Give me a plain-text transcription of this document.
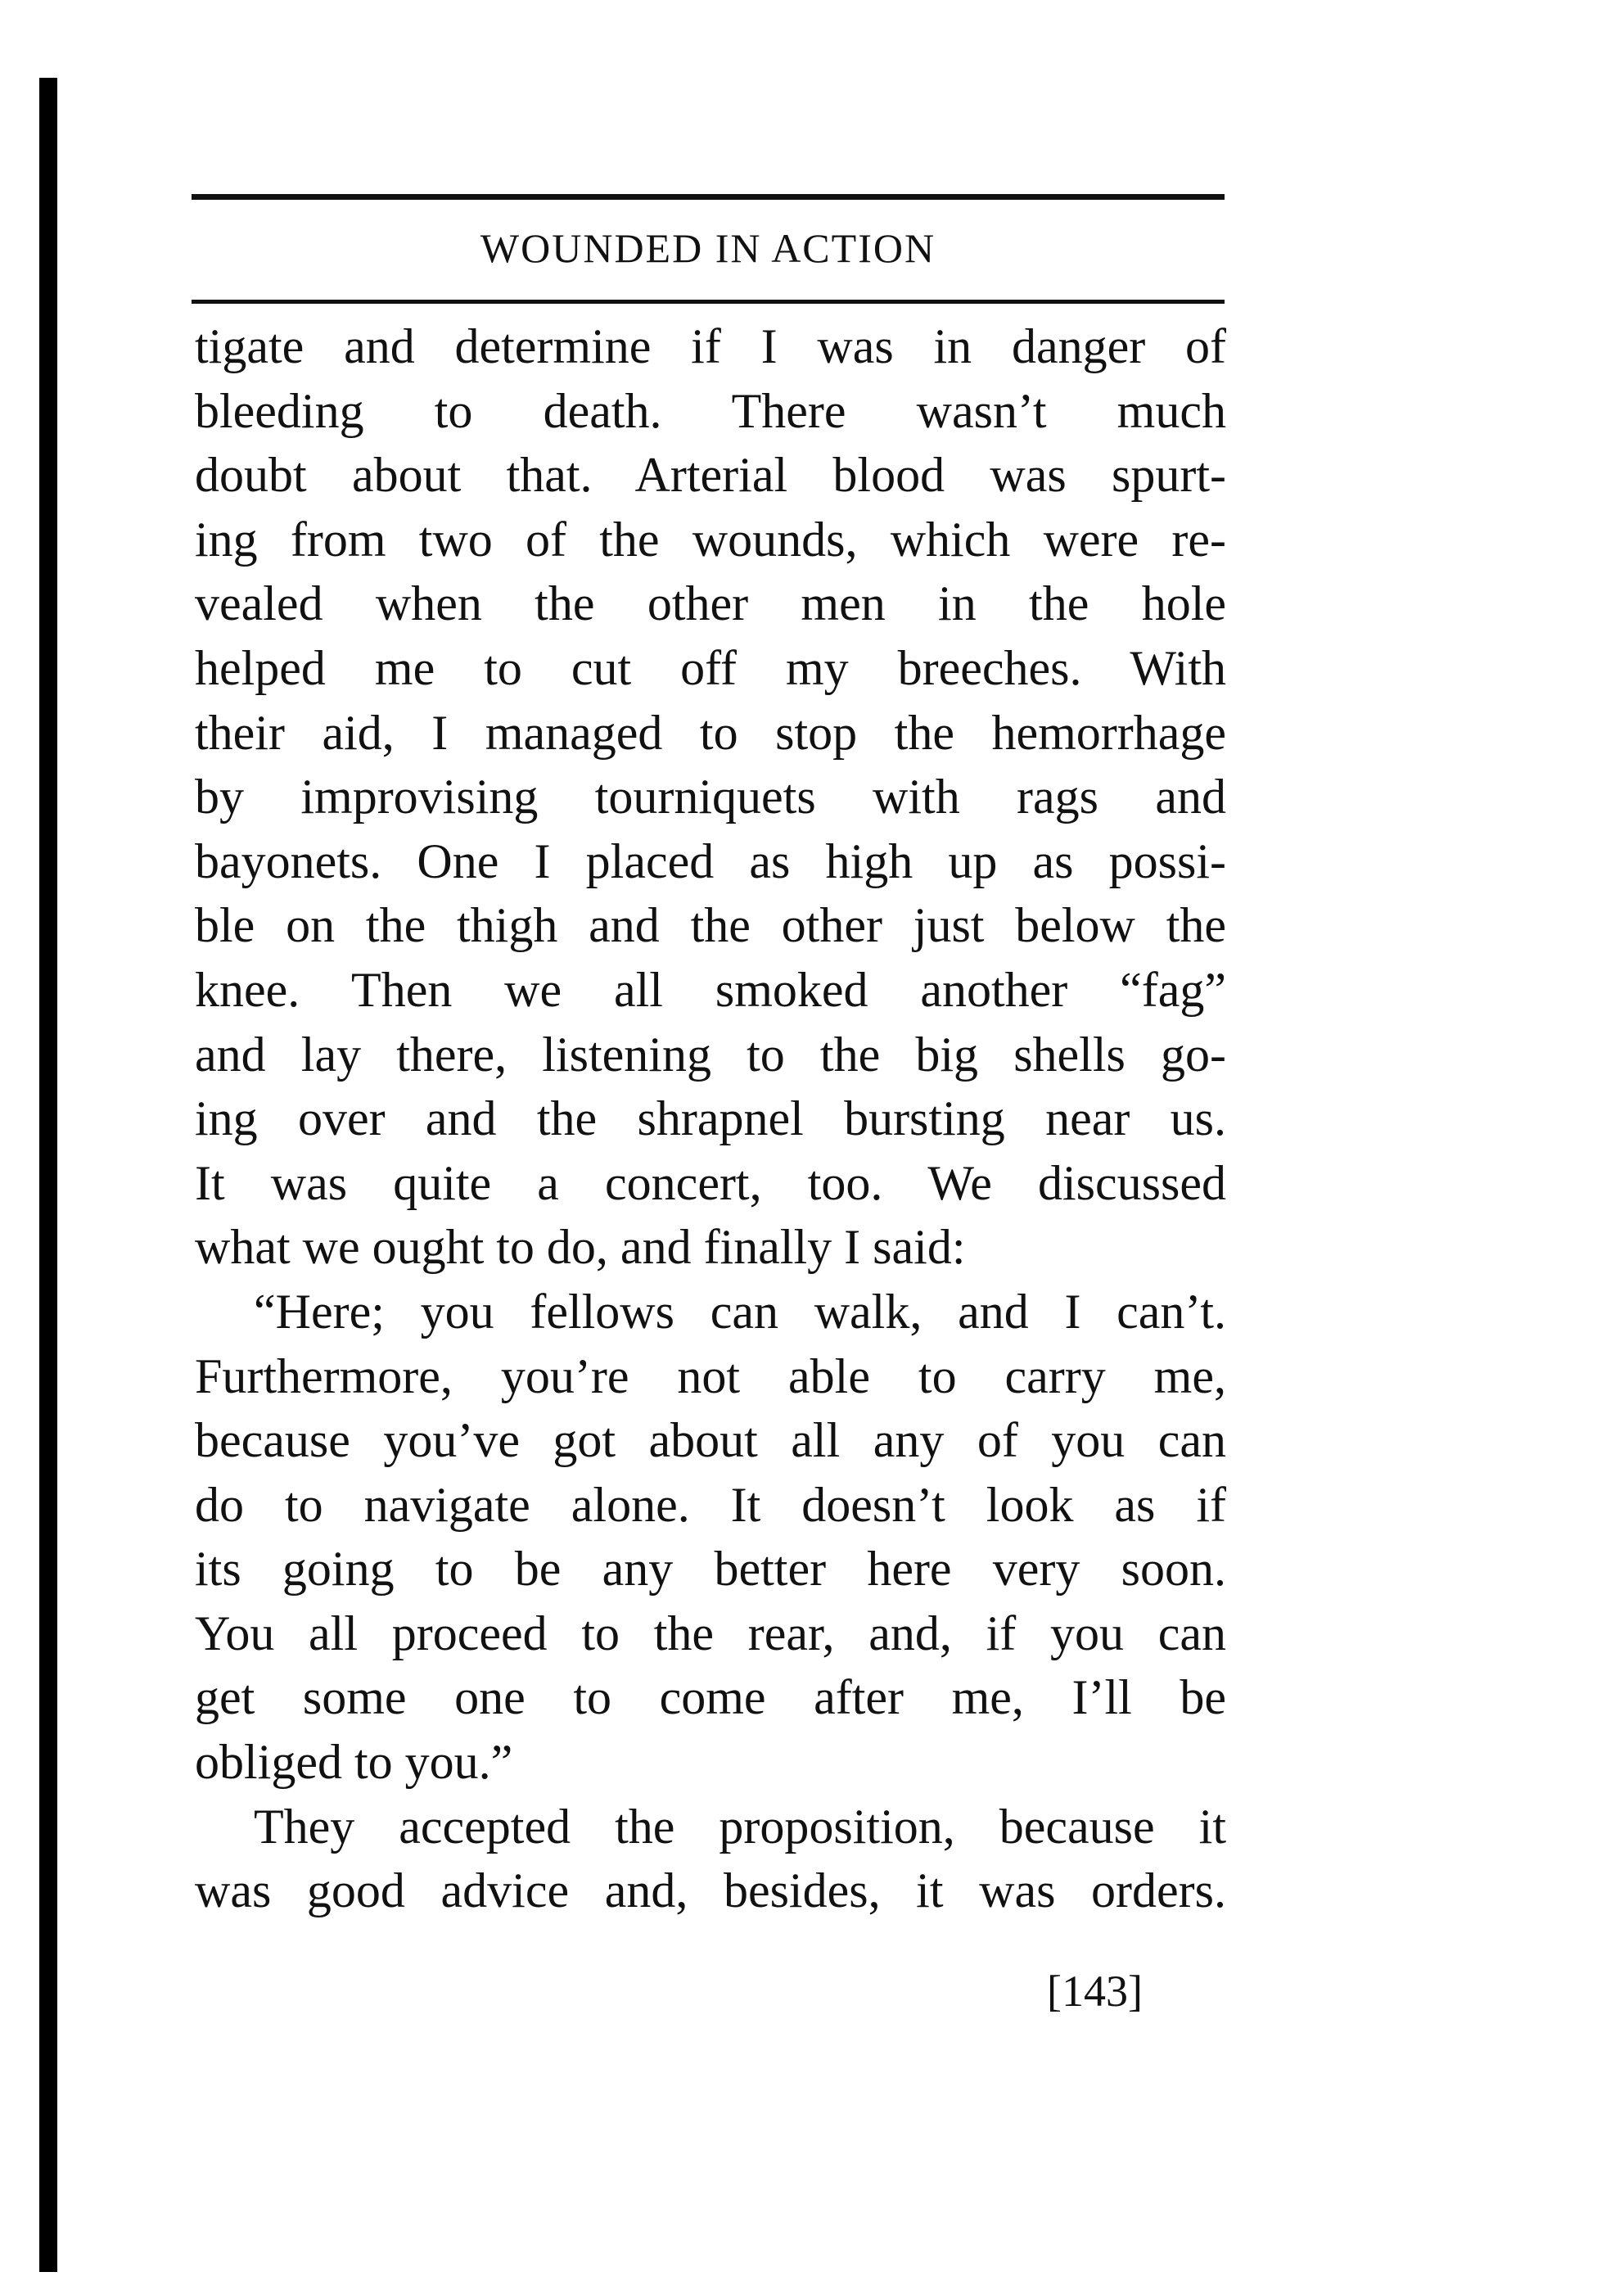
WOUNDED IN ACTION
tigate and determine if I was in danger of
bleeding to death. There wasn’t much
doubt about that. Arterial blood was spurt-
ing from two of the wounds, which were re-
vealed when the other men in the hole
helped me to cut off my breeches. With
their aid, I managed to stop the hemorrhage
by improvising tourniquets with rags and
bayonets. One I placed as high up as possi-
ble on the thigh and the other just below the
knee. Then we all smoked another “fag”
and lay there, listening to the big shells go-
ing over and the shrapnel bursting near us.
It was quite a concert, too. We discussed
what we ought to do, and finally I said:
“Here; you fellows can walk, and I can’t.
Furthermore, you’re not able to carry me,
because you’ve got about all any of you can
do to navigate alone. It doesn’t look as if
its going to be any better here very soon.
You all proceed to the rear, and, if you can
get some one to come after me, I’ll be
obliged to you.”
They accepted the proposition, because it
was good advice and, besides, it was orders.
[143]
